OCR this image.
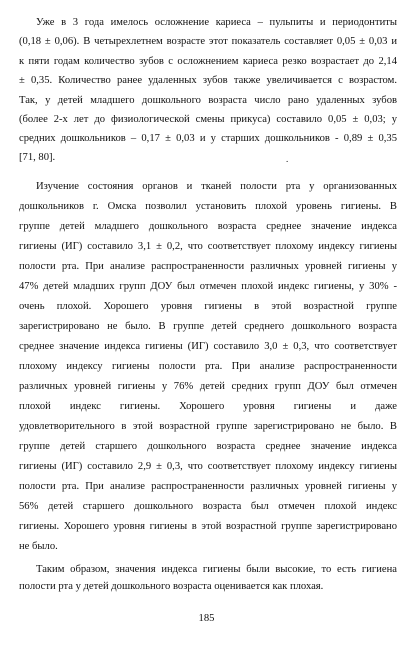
Уже в 3 года имелось осложнение кариеса – пульпиты и периодонтиты
(0,18 ± 0,06). В четырехлетнем возрасте этот показатель составляет 0,05 ± 0,03 и
к пяти годам количество зубов с осложнением кариеса резко возрастает до 2,14
± 0,35. Количество ранее удаленных зубов также увеличивается с возрастом.
Так, у детей младшего дошкольного возраста число рано удаленных зубов
(более 2-х лет до физиологической смены прикуса) составило 0,05 ± 0,03; у
средних дошкольников – 0,17 ± 0,03 и у старших дошкольников - 0,89 ± 0,35
[71, 80].	.
Изучение состояния органов и тканей полости рта у организованных
дошкольников г. Омска позволил установить плохой уровень гигиены. В
группе детей младшего дошкольного возраста среднее значение индекса
гигиены (ИГ) составило 3,1 ± 0,2, что соответствует плохому индексу гигиены
полости рта. При анализе распространенности различных уровней гигиены у
47% детей младших групп ДОУ был отмечен плохой индекс гигиены, у 30% -
очень плохой. Хорошего уровня гигиены в этой возрастной группе
зарегистрировано не было. В группе детей среднего дошкольного возраста
среднее значение индекса гигиены (ИГ) составило 3,0 ± 0,3, что соответствует
плохому индексу гигиены полости рта. При анализе распространенности
различных уровней гигиены у 76% детей средних групп ДОУ был отмечен
плохой индекс гигиены. Хорошего уровня гигиены и даже
удовлетворительного в этой возрастной группе зарегистрировано не было. В
группе детей старшего дошкольного возраста среднее значение индекса
гигиены (ИГ) составило 2,9 ± 0,3, что соответствует плохому индексу гигиены
полости рта. При анализе распространенности различных уровней гигиены у
56% детей старшего дошкольного возраста был отмечен плохой индекс
гигиены. Хорошего уровня гигиены в этой возрастной группе зарегистрировано
не было.
Таким образом, значения индекса гигиены были высокие, то есть гигиена
полости рта у детей дошкольного возраста оценивается как плохая.
185
